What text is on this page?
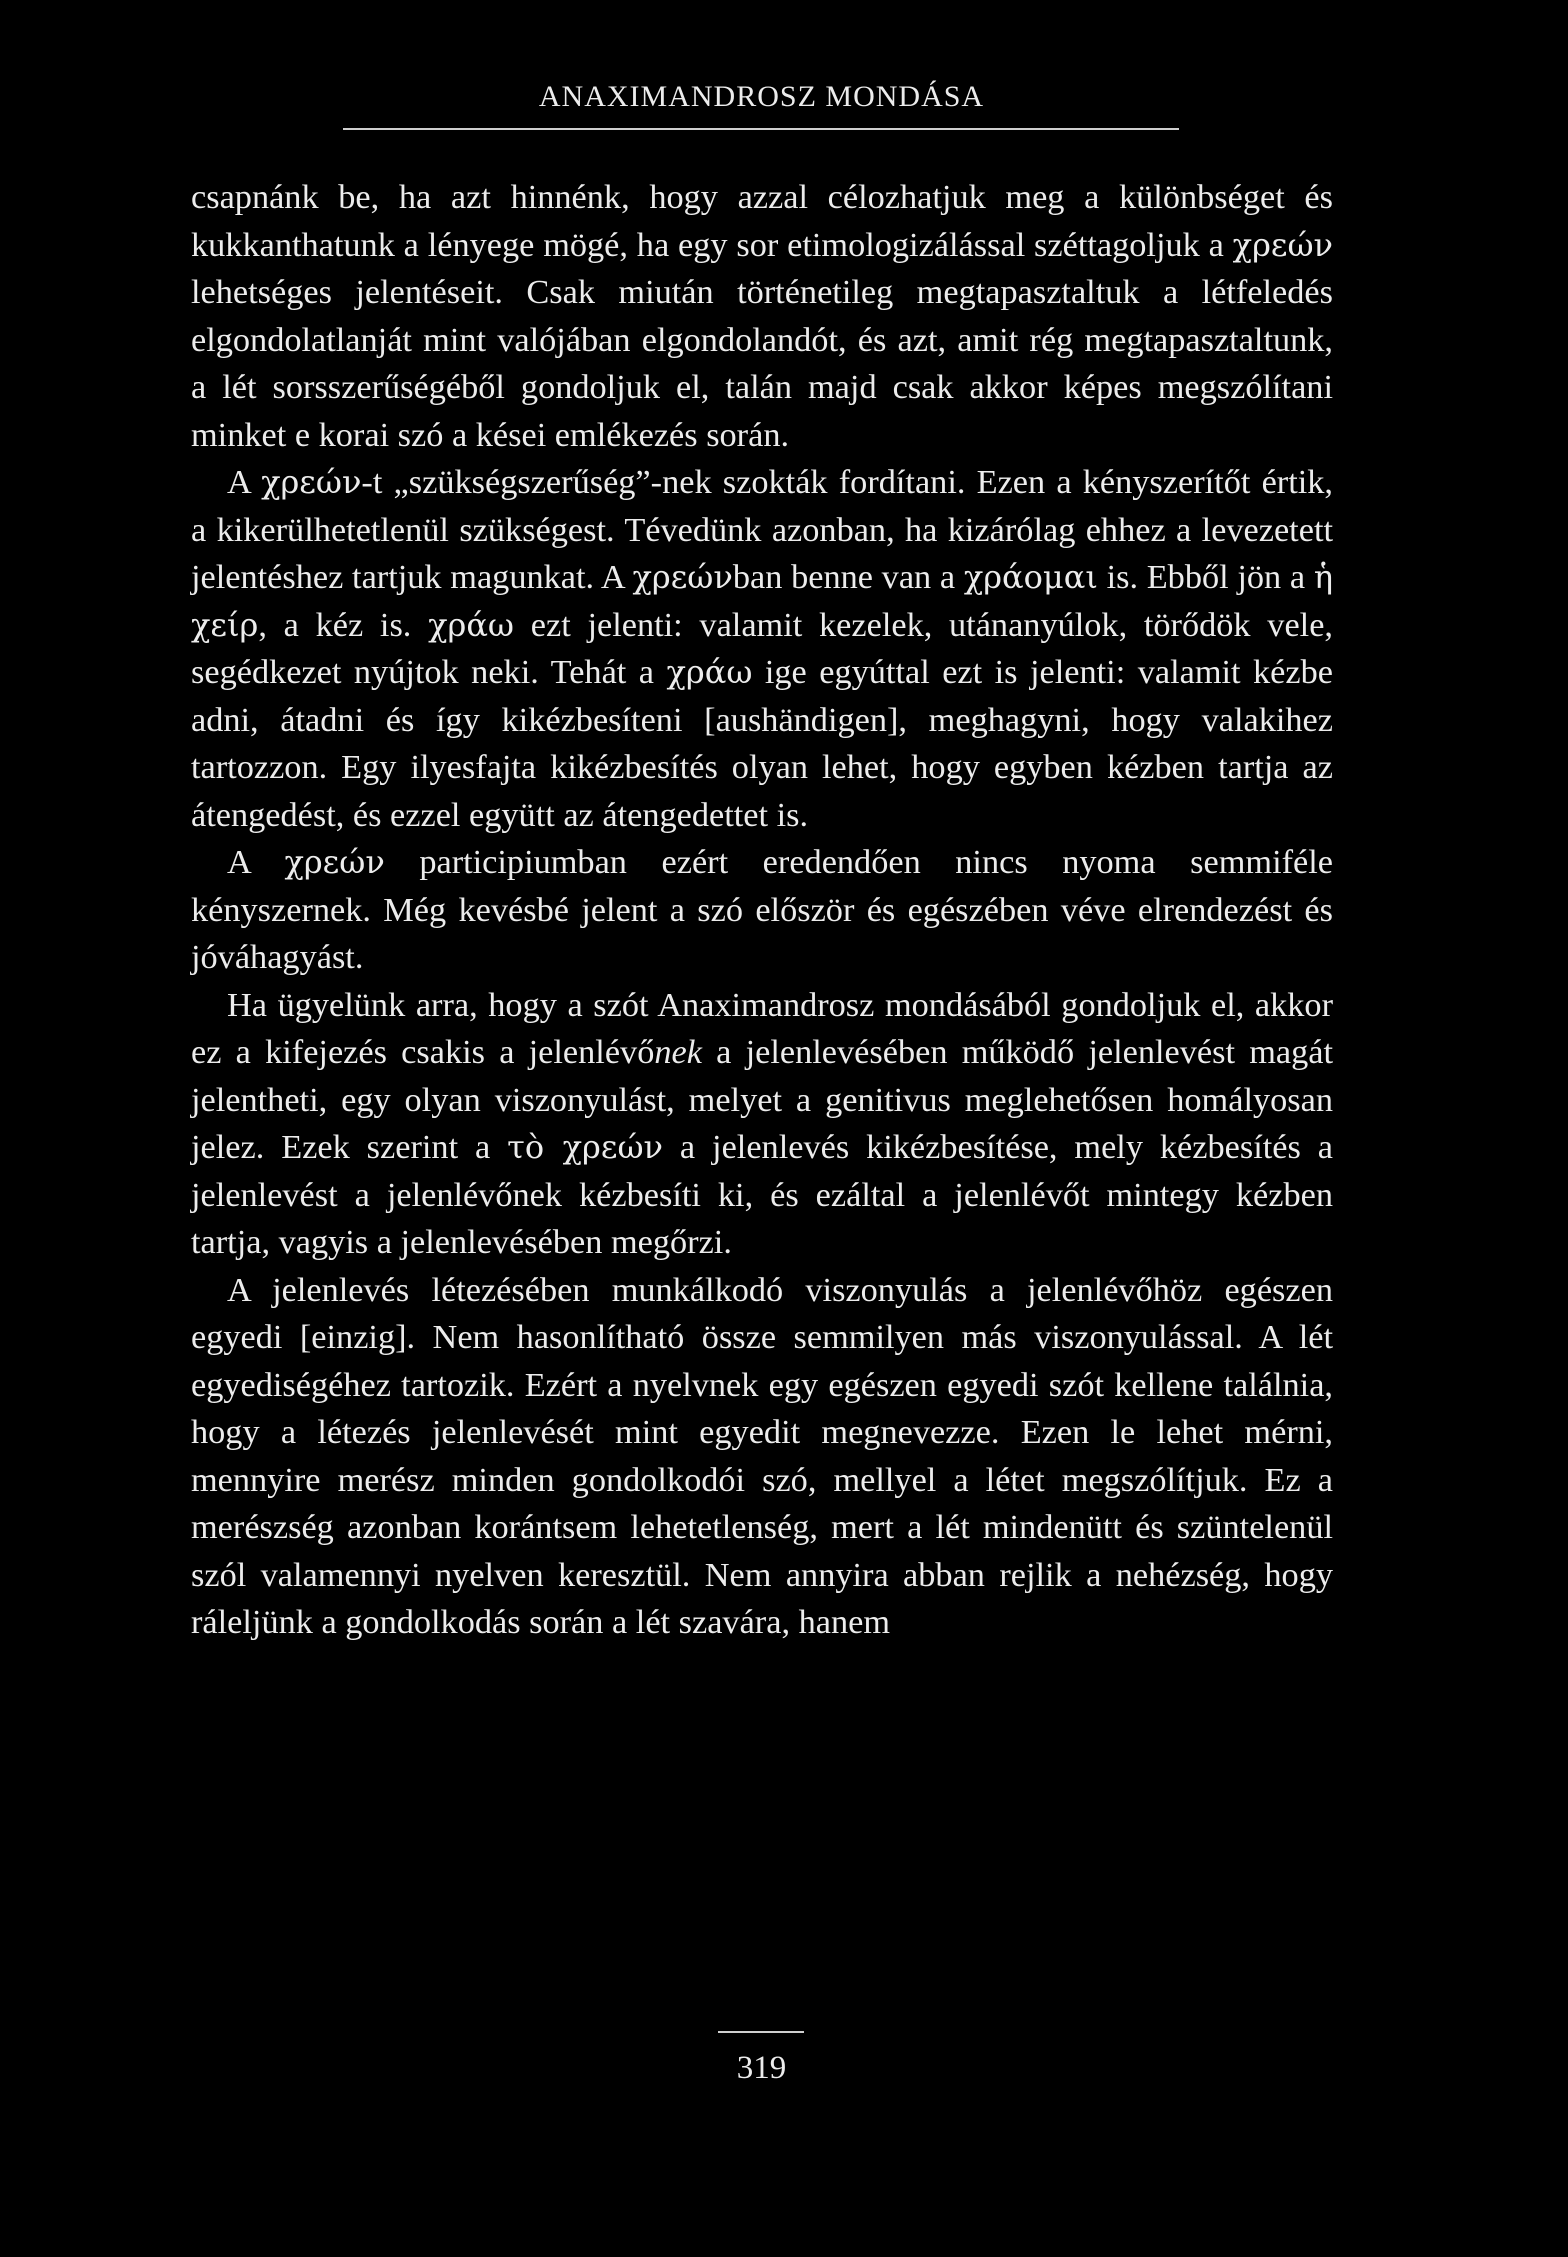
ANAXIMANDROSZ MONDÁSA

csapnánk be, ha azt hinnénk, hogy azzal célozhatjuk meg a különbséget és kukkanthatunk a lényege mögé, ha egy sor etimologizálással széttagoljuk a χρεών lehetséges jelentéseit. Csak miután történetileg megtapasztaltuk a létfeledés elgondolatlanját mint valójában elgondolandót, és azt, amit rég megtapasztaltunk, a lét sorsszerűségéből gondoljuk el, talán majd csak akkor képes megszólítani minket e korai szó a kései emlékezés során.

A χρεών-t „szükségszerűség”-nek szokták fordítani. Ezen a kényszerítőt értik, a kikerülhetetlenül szükségest. Tévedünk azonban, ha kizárólag ehhez a levezetett jelentéshez tartjuk magunkat. A χρεώνban benne van a χράομαι is. Ebből jön a ἡ χείρ, a kéz is. χράω ezt jelenti: valamit kezelek, utánanyúlok, törődök vele, segédkezet nyújtok neki. Tehát a χράω ige egyúttal ezt is jelenti: valamit kézbe adni, átadni és így kikézbesíteni [aushändigen], meghagyni, hogy valakihez tartozzon. Egy ilyesfajta kikézbesítés olyan lehet, hogy egyben kézben tartja az átengedést, és ezzel együtt az átengedettet is.

A χρεών participiumban ezért eredendően nincs nyoma semmiféle kényszernek. Még kevésbé jelent a szó először és egészében véve elrendezést és jóváhagyást.

Ha ügyelünk arra, hogy a szót Anaximandrosz mondásából gondoljuk el, akkor ez a kifejezés csakis a jelenlévőnek a jelenlevésében működő jelenlevést magát jelentheti, egy olyan viszonyulást, melyet a genitivus meglehetősen homályosan jelez. Ezek szerint a τὸ χρεών a jelenlevés kikézbesítése, mely kézbesítés a jelenlevést a jelenlévőnek kézbesíti ki, és ezáltal a jelenlévőt mintegy kézben tartja, vagyis a jelenlevésében megőrzi.

A jelenlevés létezésében munkálkodó viszonyulás a jelenlévőhöz egészen egyedi [einzig]. Nem hasonlítható össze semmilyen más viszonyulással. A lét egyediségéhez tartozik. Ezért a nyelvnek egy egészen egyedi szót kellene találnia, hogy a létezés jelenlevését mint egyedit megnevezze. Ezen le lehet mérni, mennyire merész minden gondolkodói szó, mellyel a létet megszólítjuk. Ez a merészség azonban korántsem lehetetlenség, mert a lét mindenütt és szüntelenül szól valamennyi nyelven keresztül. Nem annyira abban rejlik a nehézség, hogy ráleljünk a gondolkodás során a lét szavára, hanem

319
